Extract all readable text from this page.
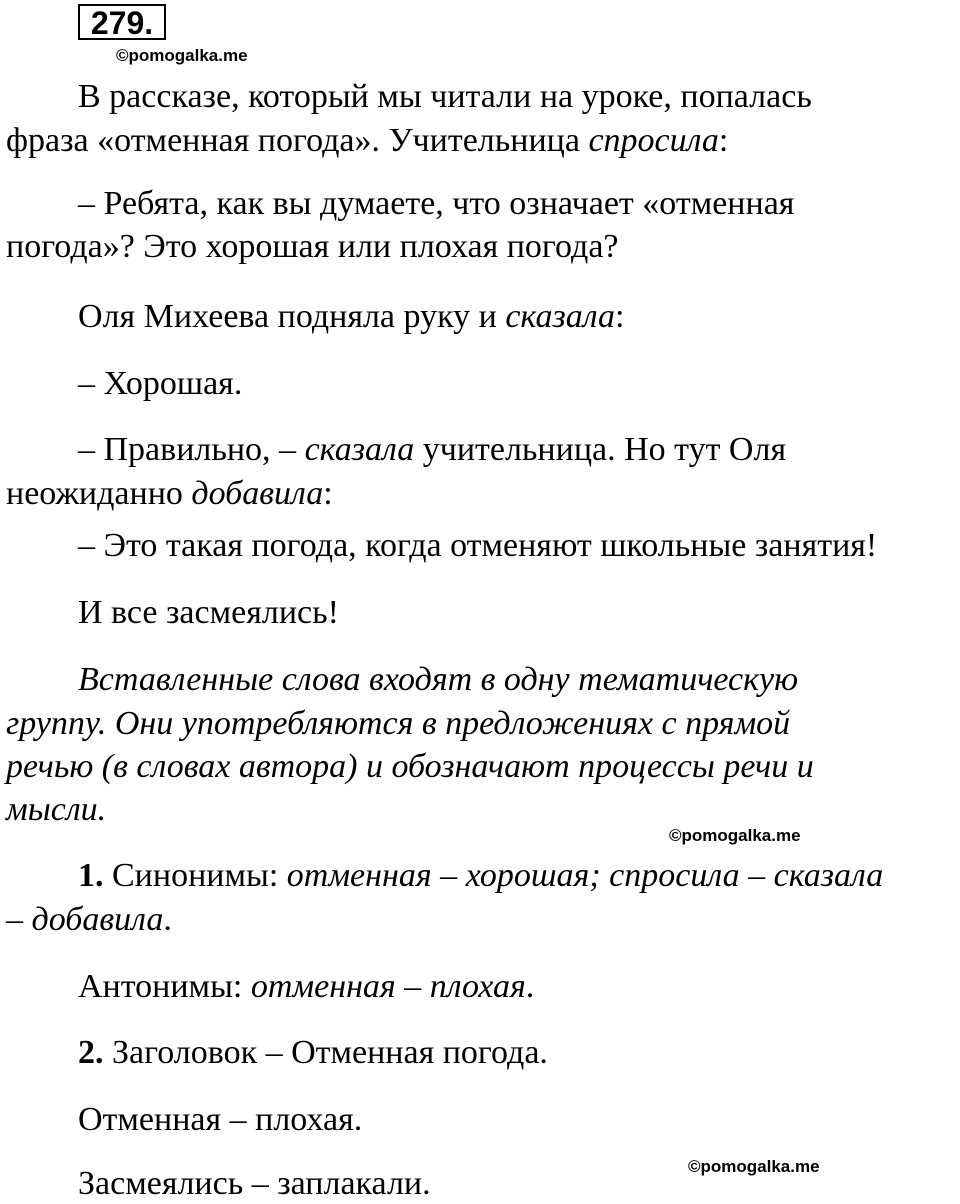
279.
©pomogalka.me
В рассказе, который мы читали на уроке, попалась
фраза «отменная погода». Учительница спросила:
– Ребята, как вы думаете, что означает «отменная
погода»? Это хорошая или плохая погода?
Оля Михеева подняла руку и сказала:
– Хорошая.
– Правильно, – сказала учительница. Но тут Оля
неожиданно добавила:
– Это такая погода, когда отменяют школьные занятия!
И все засмеялись!
Вставленные слова входят в одну тематическую
группу. Они употребляются в предложениях с прямой
речью (в словах автора) и обозначают процессы речи и
мысли.
©pomogalka.me
1. Синонимы: отменная – хорошая; спросила – сказала
– добавила.
Антонимы: отменная – плохая.
2. Заголовок – Отменная погода.
Отменная – плохая.
©pomogalka.me
Засмеялись – заплакали.
